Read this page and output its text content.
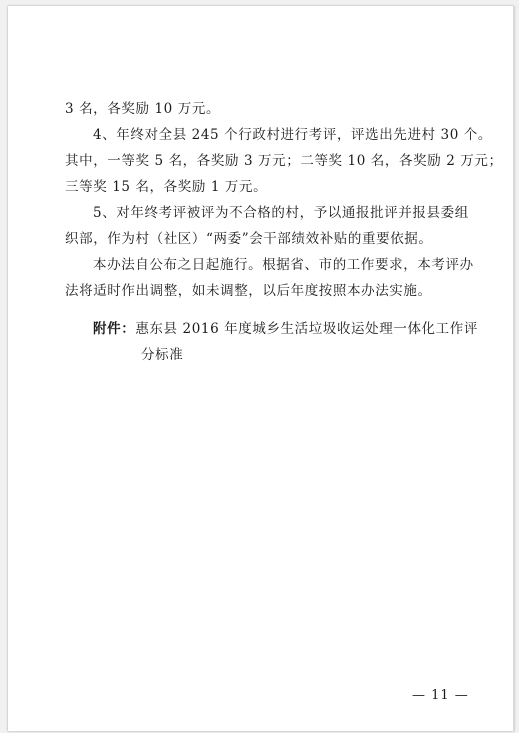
3 名，各奖励 10 万元。
4、年终对全县 245 个行政村进行考评，评选出先进村 30 个。
其中，一等奖 5 名，各奖励 3 万元；二等奖 10 名，各奖励 2 万元；
三等奖 15 名，各奖励 1 万元。
5、对年终考评被评为不合格的村，予以通报批评并报县委组
织部，作为村（社区）“两委”会干部绩效补贴的重要依据。
本办法自公布之日起施行。根据省、市的工作要求，本考评办
法将适时作出调整，如未调整，以后年度按照本办法实施。
附件：惠东县 2016 年度城乡生活垃圾收运处理一体化工作评
分标准
— 11 —
